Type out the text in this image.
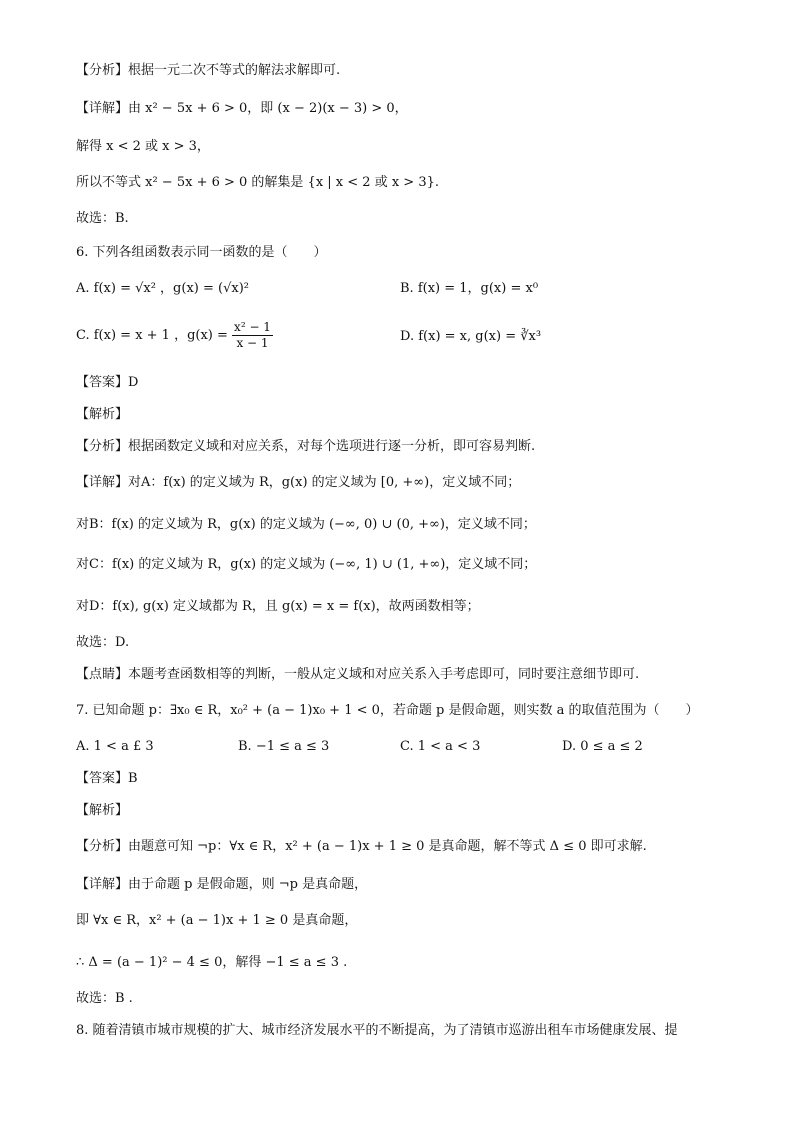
【分析】根据一元二次不等式的解法求解即可.
【详解】由 x² − 5x + 6 > 0，即 (x − 2)(x − 3) > 0，
解得 x < 2 或 x > 3，
所以不等式 x² − 5x + 6 > 0 的解集是 {x | x < 2 或 x > 3}.
故选：B.
6. 下列各组函数表示同一函数的是（　　）
A. f(x) = √x² ，g(x) = (√x)²	B. f(x) = 1，g(x) = x⁰
C. f(x) = x + 1 ，$g(x) = \frac{\text{x² − 1}}{x - 1}$	D. f(x) = x, g(x) = ∛x³
【答案】D
【解析】
【分析】根据函数定义域和对应关系，对每个选项进行逐一分析，即可容易判断.
【详解】对A：f(x) 的定义域为 R，g(x) 的定义域为 [0, +∞)，定义域不同；
对B：f(x) 的定义域为 R，g(x) 的定义域为 (−∞, 0) ∪ (0, +∞)，定义域不同；
对C：f(x) 的定义域为 R，g(x) 的定义域为 (−∞, 1) ∪ (1, +∞)，定义域不同；
对D：f(x), g(x) 定义域都为 R，且 g(x) = x = f(x)，故两函数相等；
故选：D.
【点睛】本题考查函数相等的判断，一般从定义域和对应关系入手考虑即可，同时要注意细节即可.
7. 已知命题 p：∃x₀ ∈ R，x₀² + (a − 1)x₀ + 1 < 0，若命题 p 是假命题，则实数 a 的取值范围为（　　）
A. 1 < a £ 3	B. −1 ≤ a ≤ 3	C. 1 < a < 3	D. 0 ≤ a ≤ 2
【答案】B
【解析】
【分析】由题意可知 ¬p：∀x ∈ R，x² + (a − 1)x + 1 ≥ 0 是真命题，解不等式 Δ ≤ 0 即可求解.
【详解】由于命题 p 是假命题，则 ¬p 是真命题，
即 ∀x ∈ R，x² + (a − 1)x + 1 ≥ 0 是真命题，
∴ Δ = (a − 1)² − 4 ≤ 0，解得 −1 ≤ a ≤ 3 .
故选：B .
8. 随着清镇市城市规模的扩大、城市经济发展水平的不断提高，为了清镇市巡游出租车市场健康发展、提
